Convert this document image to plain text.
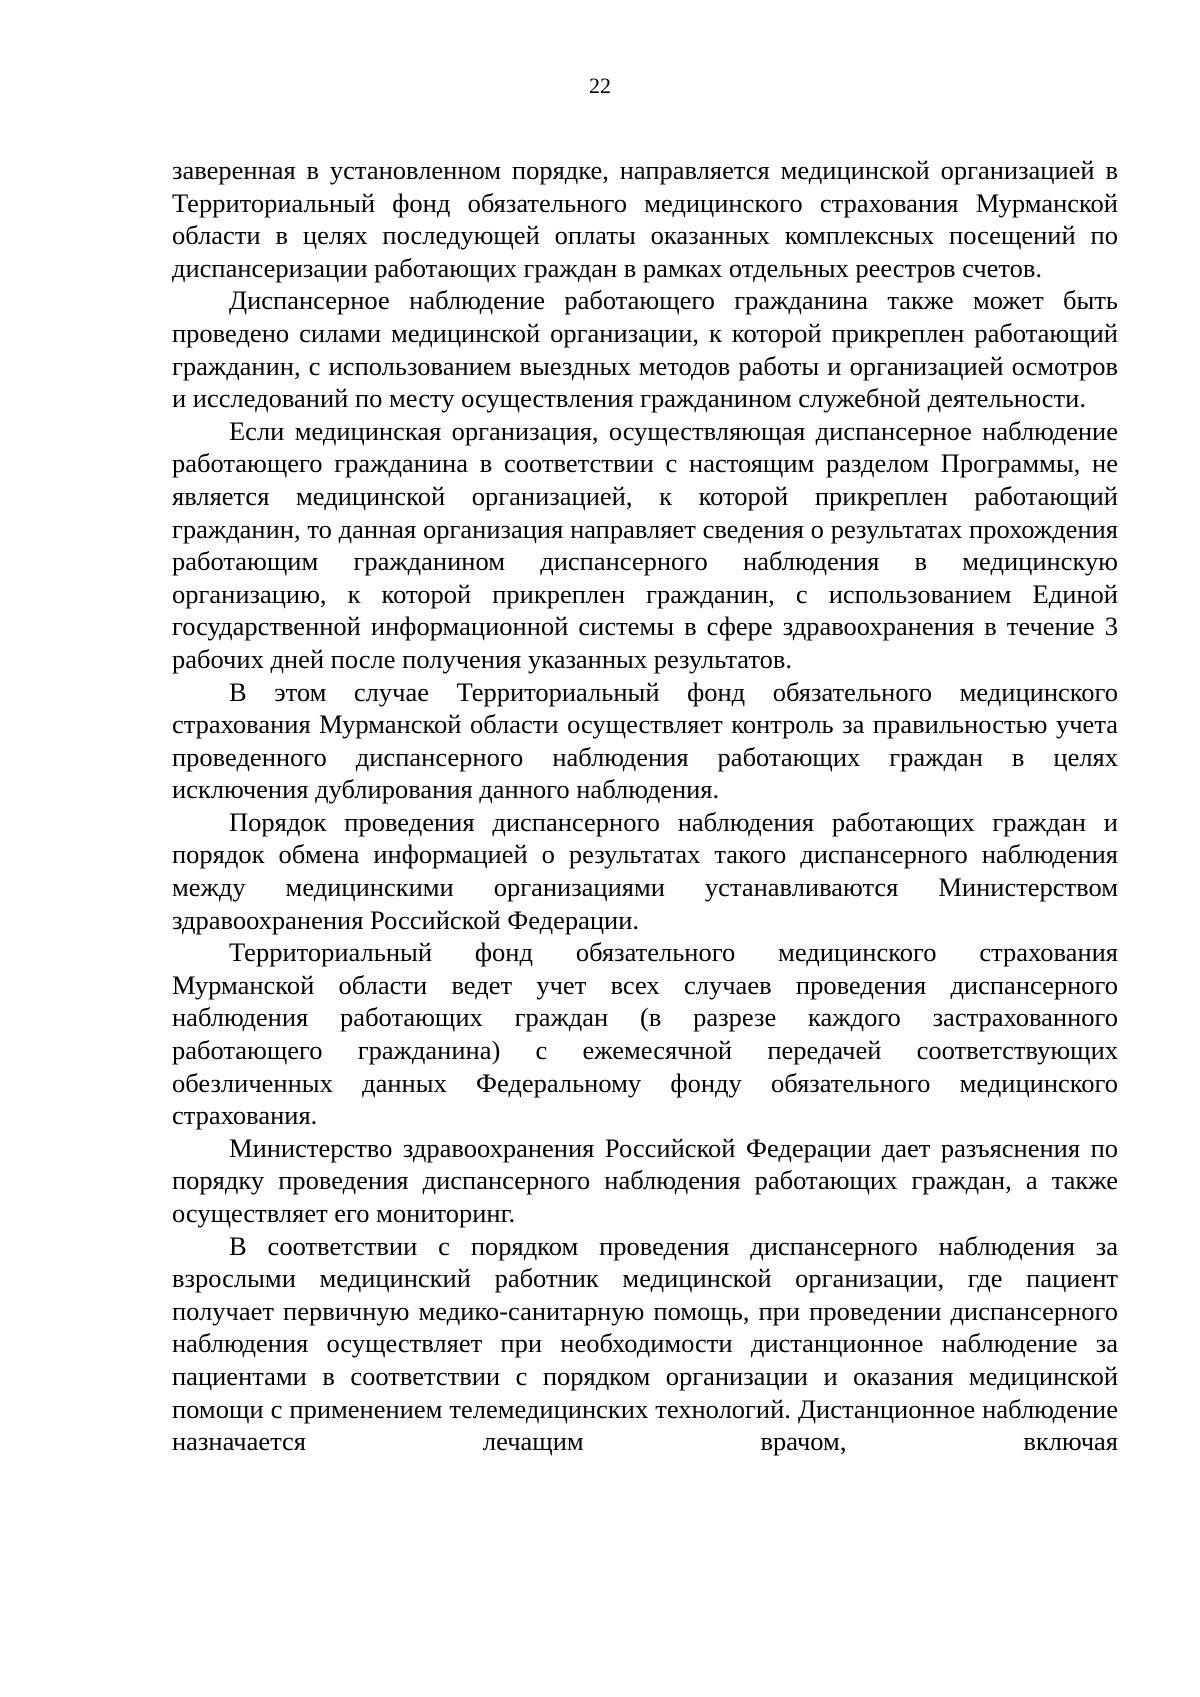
22

заверенная в установленном порядке, направляется медицинской организацией в Территориальный фонд обязательного медицинского страхования Мурманской области в целях последующей оплаты оказанных комплексных посещений по диспансеризации работающих граждан в рамках отдельных реестров счетов.

Диспансерное наблюдение работающего гражданина также может быть проведено силами медицинской организации, к которой прикреплен работающий гражданин, с использованием выездных методов работы и организацией осмотров и исследований по месту осуществления гражданином служебной деятельности.

Если медицинская организация, осуществляющая диспансерное наблюдение работающего гражданина в соответствии с настоящим разделом Программы, не является медицинской организацией, к которой прикреплен работающий гражданин, то данная организация направляет сведения о результатах прохождения работающим гражданином диспансерного наблюдения в медицинскую организацию, к которой прикреплен гражданин, с использованием Единой государственной информационной системы в сфере здравоохранения в течение 3 рабочих дней после получения указанных результатов.

В этом случае Территориальный фонд обязательного медицинского страхования Мурманской области осуществляет контроль за правильностью учета проведенного диспансерного наблюдения работающих граждан в целях исключения дублирования данного наблюдения.

Порядок проведения диспансерного наблюдения работающих граждан и порядок обмена информацией о результатах такого диспансерного наблюдения между медицинскими организациями устанавливаются Министерством здравоохранения Российской Федерации.

Территориальный фонд обязательного медицинского страхования Мурманской области ведет учет всех случаев проведения диспансерного наблюдения работающих граждан (в разрезе каждого застрахованного работающего гражданина) с ежемесячной передачей соответствующих обезличенных данных Федеральному фонду обязательного медицинского страхования.

Министерство здравоохранения Российской Федерации дает разъяснения по порядку проведения диспансерного наблюдения работающих граждан, а также осуществляет его мониторинг.

В соответствии с порядком проведения диспансерного наблюдения за взрослыми медицинский работник медицинской организации, где пациент получает первичную медико-санитарную помощь, при проведении диспансерного наблюдения осуществляет при необходимости дистанционное наблюдение за пациентами в соответствии с порядком организации и оказания медицинской помощи с применением телемедицинских технологий. Дистанционное наблюдение назначается лечащим врачом, включая
